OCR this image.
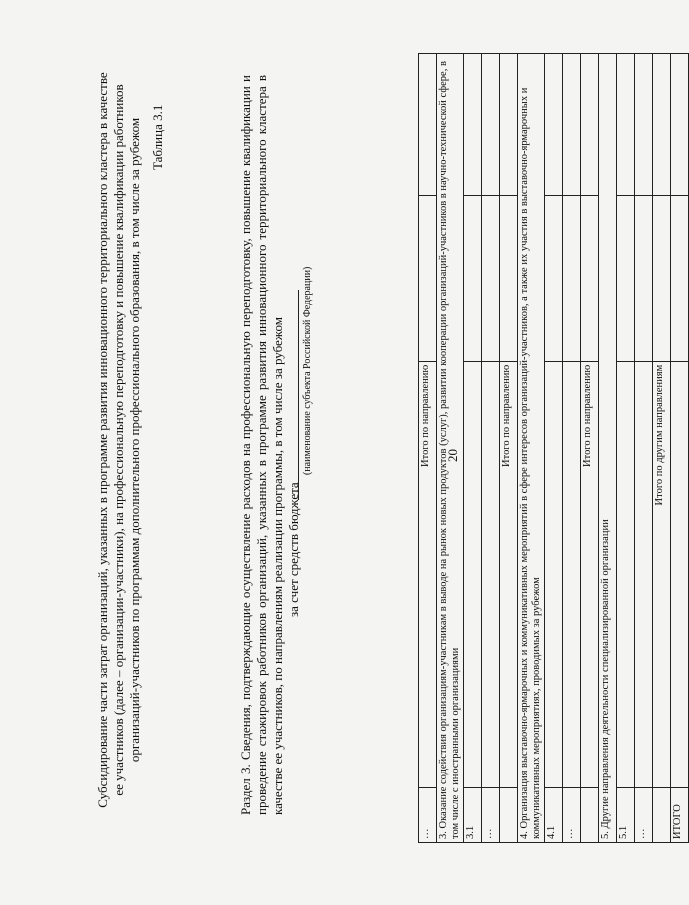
20
…	Итого по направлению		
3. Оказание содействия организациям-участникам в выводе на рынок новых продуктов (услуг), развитии кооперации организаций-участников в научно-технической сфере, в том числе с иностранными организациями			
3.1			
…			
	Итого по направлению		
4. Организация выставочно-ярмарочных и коммуникативных мероприятий в сфере интересов организаций-участников, а также их участия в выставочно-ярмарочных и коммуникативных мероприятиях, проводимых за рубежом			
4.1			
…			
	Итого по направлению		
5. Другие направления деятельности специализированной организации			
5.1			
…			
	Итого по другим направлениям		
ИТОГО			
Раздел 3. Сведения, подтверждающие осуществление расходов на профессиональную переподготовку, повышение квалификации и проведение стажировок работников организаций, указанных в программе развития инновационного территориального кластера в качестве ее участников, по направлениям реализации программы, в том числе за рубежом за счет средств бюджета
(наименование субъекта Российской Федерации)
Таблица 3.1
Субсидирование части затрат организаций, указанных в программе развития инновационного территориального кластера в качестве ее участников (далее – организации-участники), на профессиональную переподготовку и повышение квалификации работников организаций-участников по программам дополнительного профессионального образования, в том числе за рубежом
